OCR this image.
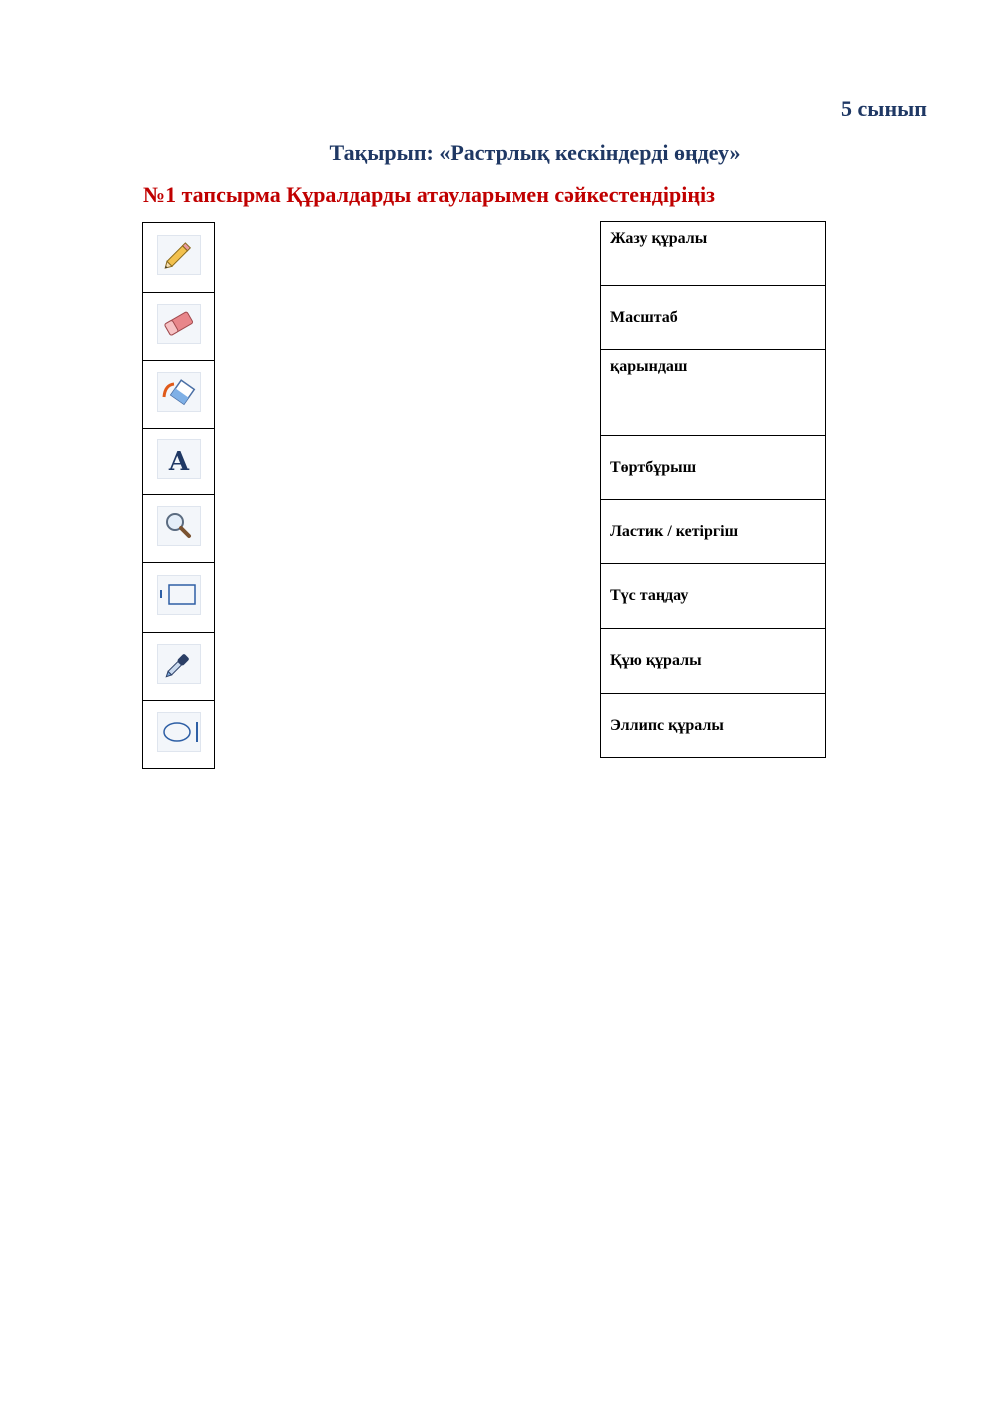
5 сынып
Тақырып: «Растрлық кескіндерді өңдеу»
№1 тапсырма Құралдарды атауларымен сәйкестендіріңіз

A

Жазу құралы
Масштаб
қарындаш
Төртбұрыш
Ластик / кетіргіш
Түс таңдау
Құю құралы
Эллипс құралы
